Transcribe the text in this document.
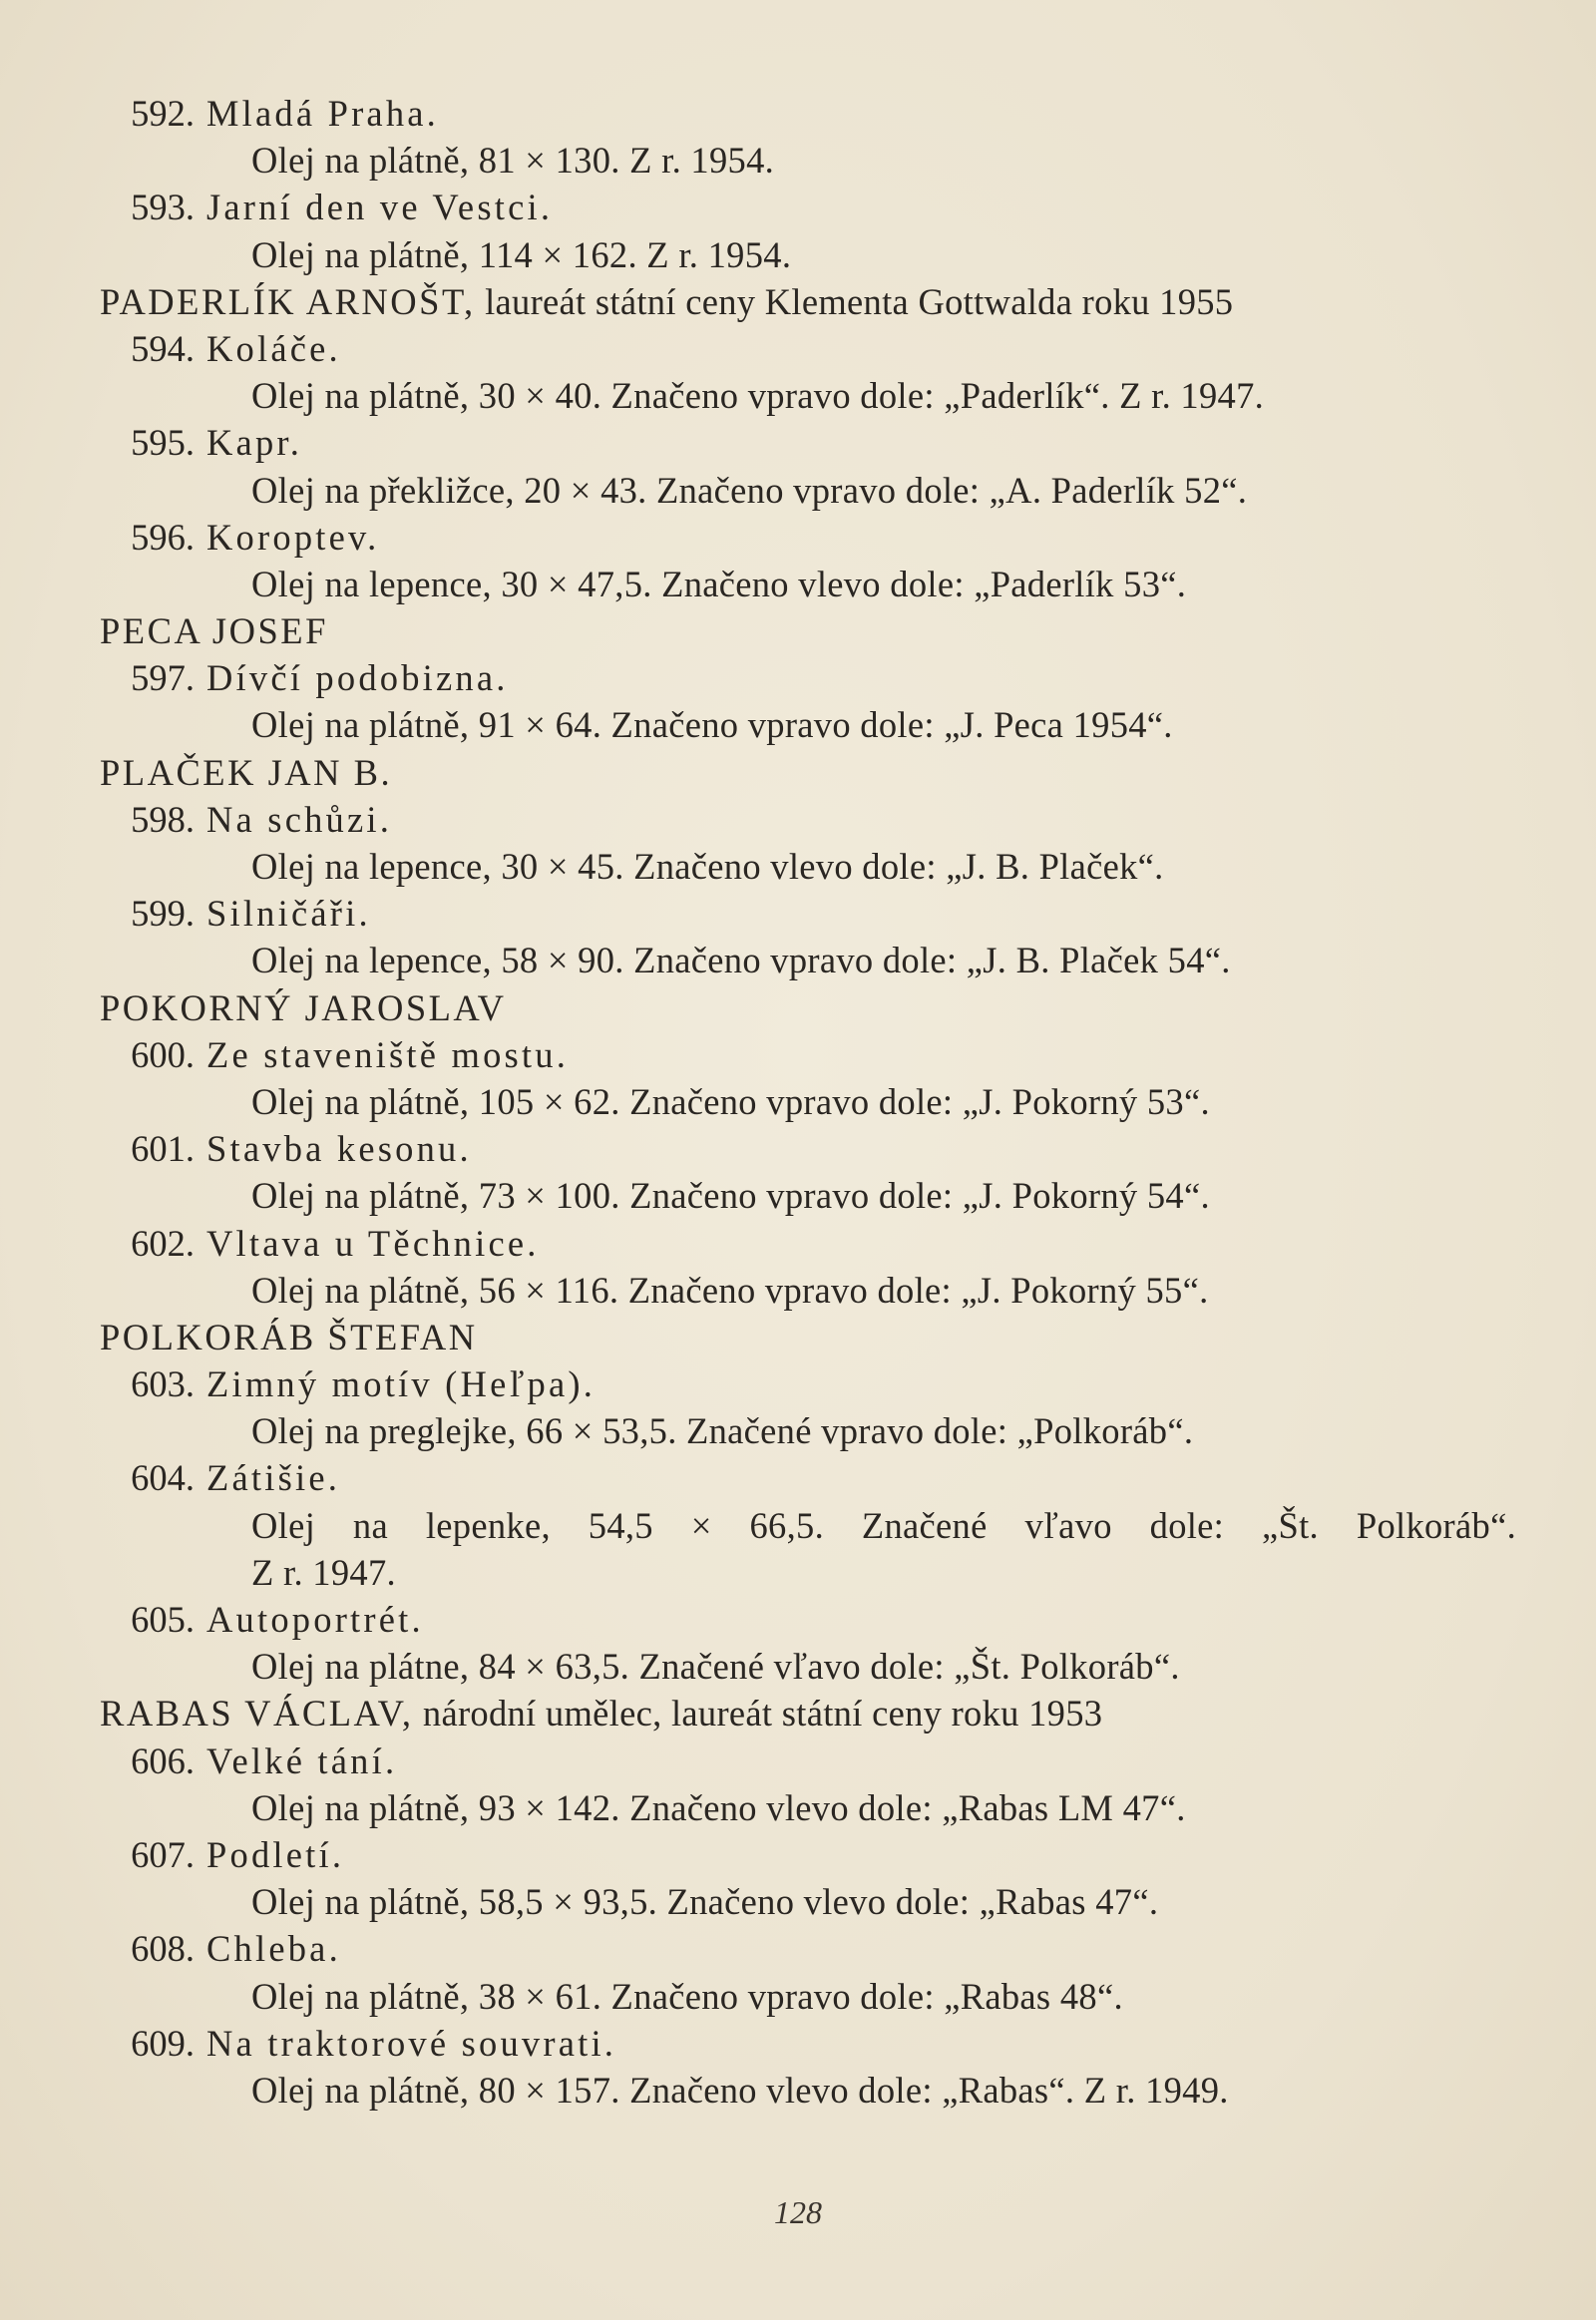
592. Mladá Praha.
Olej na plátně, 81 × 130. Z r. 1954.
593. Jarní den ve Vestci.
Olej na plátně, 114 × 162. Z r. 1954.
PADERLÍK ARNOŠT, laureát státní ceny Klementa Gottwalda roku 1955
594. Koláče.
Olej na plátně, 30 × 40. Značeno vpravo dole: „Paderlík“. Z r. 1947.
595. Kapr.
Olej na překližce, 20 × 43. Značeno vpravo dole: „A. Paderlík 52“.
596. Koroptev.
Olej na lepence, 30 × 47,5. Značeno vlevo dole: „Paderlík 53“.
PECA JOSEF
597. Dívčí podobizna.
Olej na plátně, 91 × 64. Značeno vpravo dole: „J. Peca 1954“.
PLAČEK JAN B.
598. Na schůzi.
Olej na lepence, 30 × 45. Značeno vlevo dole: „J. B. Plaček“.
599. Silničáři.
Olej na lepence, 58 × 90. Značeno vpravo dole: „J. B. Plaček 54“.
POKORNÝ JAROSLAV
600. Ze staveniště mostu.
Olej na plátně, 105 × 62. Značeno vpravo dole: „J. Pokorný 53“.
601. Stavba kesonu.
Olej na plátně, 73 × 100. Značeno vpravo dole: „J. Pokorný 54“.
602. Vltava u Těchnice.
Olej na plátně, 56 × 116. Značeno vpravo dole: „J. Pokorný 55“.
POLKORÁB ŠTEFAN
603. Zimný motív (Heľpa).
Olej na preglejke, 66 × 53,5. Značené vpravo dole: „Polkoráb“.
604. Zátišie.
Olej na lepenke, 54,5 × 66,5. Značené vľavo dole: „Št. Polkoráb“.
Z r. 1947.
605. Autoportrét.
Olej na plátne, 84 × 63,5. Značené vľavo dole: „Št. Polkoráb“.
RABAS VÁCLAV, národní umělec, laureát státní ceny roku 1953
606. Velké tání.
Olej na plátně, 93 × 142. Značeno vlevo dole: „Rabas LM 47“.
607. Podletí.
Olej na plátně, 58,5 × 93,5. Značeno vlevo dole: „Rabas 47“.
608. Chleba.
Olej na plátně, 38 × 61. Značeno vpravo dole: „Rabas 48“.
609. Na traktorové souvrati.
Olej na plátně, 80 × 157. Značeno vlevo dole: „Rabas“. Z r. 1949.
128
